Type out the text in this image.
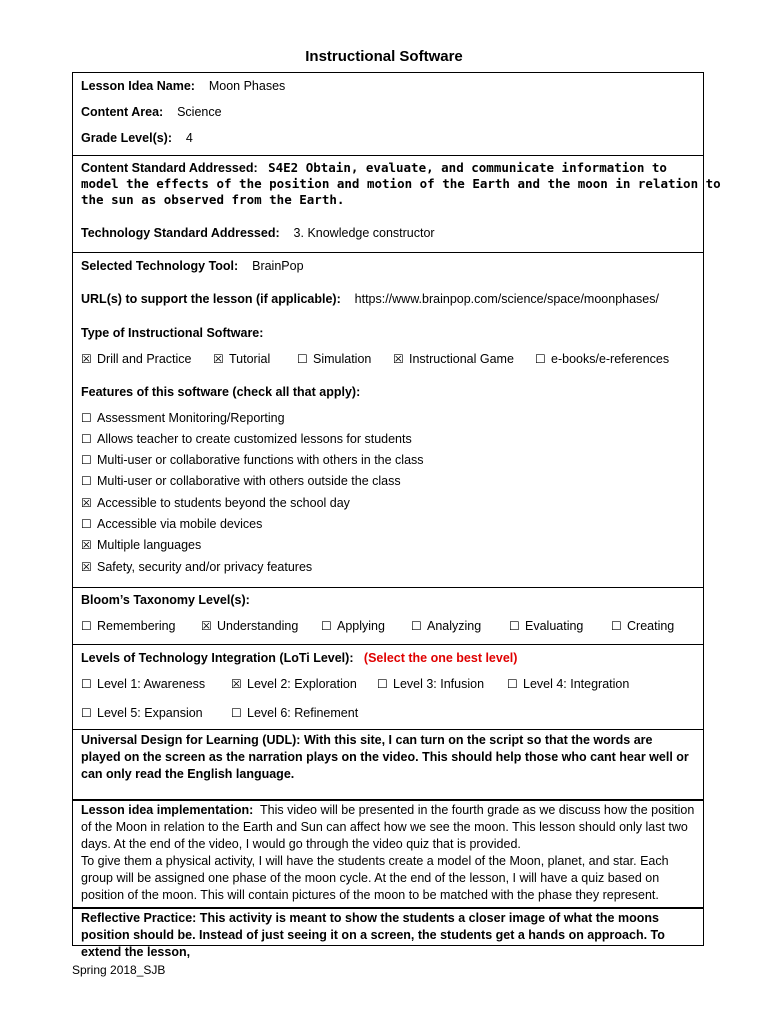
Instructional Software
Lesson Idea Name: Moon Phases
Content Area: Science
Grade Level(s): 4
Content Standard Addressed: S4E2 Obtain, evaluate, and communicate information to
model the effects of the position and motion of the Earth and the moon in relation to
the sun as observed from the Earth.
Technology Standard Addressed: 3. Knowledge constructor
Selected Technology Tool: BrainPop
URL(s) to support the lesson (if applicable): https://www.brainpop.com/science/space/moonphases/
Type of Instructional Software:
☒ Drill and Practice ☒ Tutorial ☐ Simulation ☒ Instructional Game ☐ e-books/e-references
Features of this software (check all that apply):
☐ Assessment Monitoring/Reporting
☐ Allows teacher to create customized lessons for students
☐ Multi-user or collaborative functions with others in the class
☐ Multi-user or collaborative with others outside the class
☒ Accessible to students beyond the school day
☐ Accessible via mobile devices
☒ Multiple languages
☒ Safety, security and/or privacy features
Bloom’s Taxonomy Level(s):
☐ Remembering ☒ Understanding ☐ Applying ☐ Analyzing ☐ Evaluating ☐ Creating
Levels of Technology Integration (LoTi Level): (Select the one best level)
☐ Level 1: Awareness ☒ Level 2: Exploration ☐ Level 3: Infusion ☐ Level 4: Integration
☐ Level 5: Expansion ☐ Level 6: Refinement
Universal Design for Learning (UDL): With this site, I can turn on the script so that the words are played on the screen as the narration plays on the video. This should help those who cant hear well or can only read the English language.
Lesson idea implementation: This video will be presented in the fourth grade as we discuss how the position of the Moon in relation to the Earth and Sun can affect how we see the moon. This lesson should only last two days. At the end of the video, I would go through the video quiz that is provided.
To give them a physical activity, I will have the students create a model of the Moon, planet, and star. Each group will be assigned one phase of the moon cycle. At the end of the lesson, I will have a quiz based on position of the moon. This will contain pictures of the moon to be matched with the phase they represent.
Reflective Practice: This activity is meant to show the students a closer image of what the moons position should be. Instead of just seeing it on a screen, the students get a hands on approach. To extend the lesson,
Spring 2018_SJB
